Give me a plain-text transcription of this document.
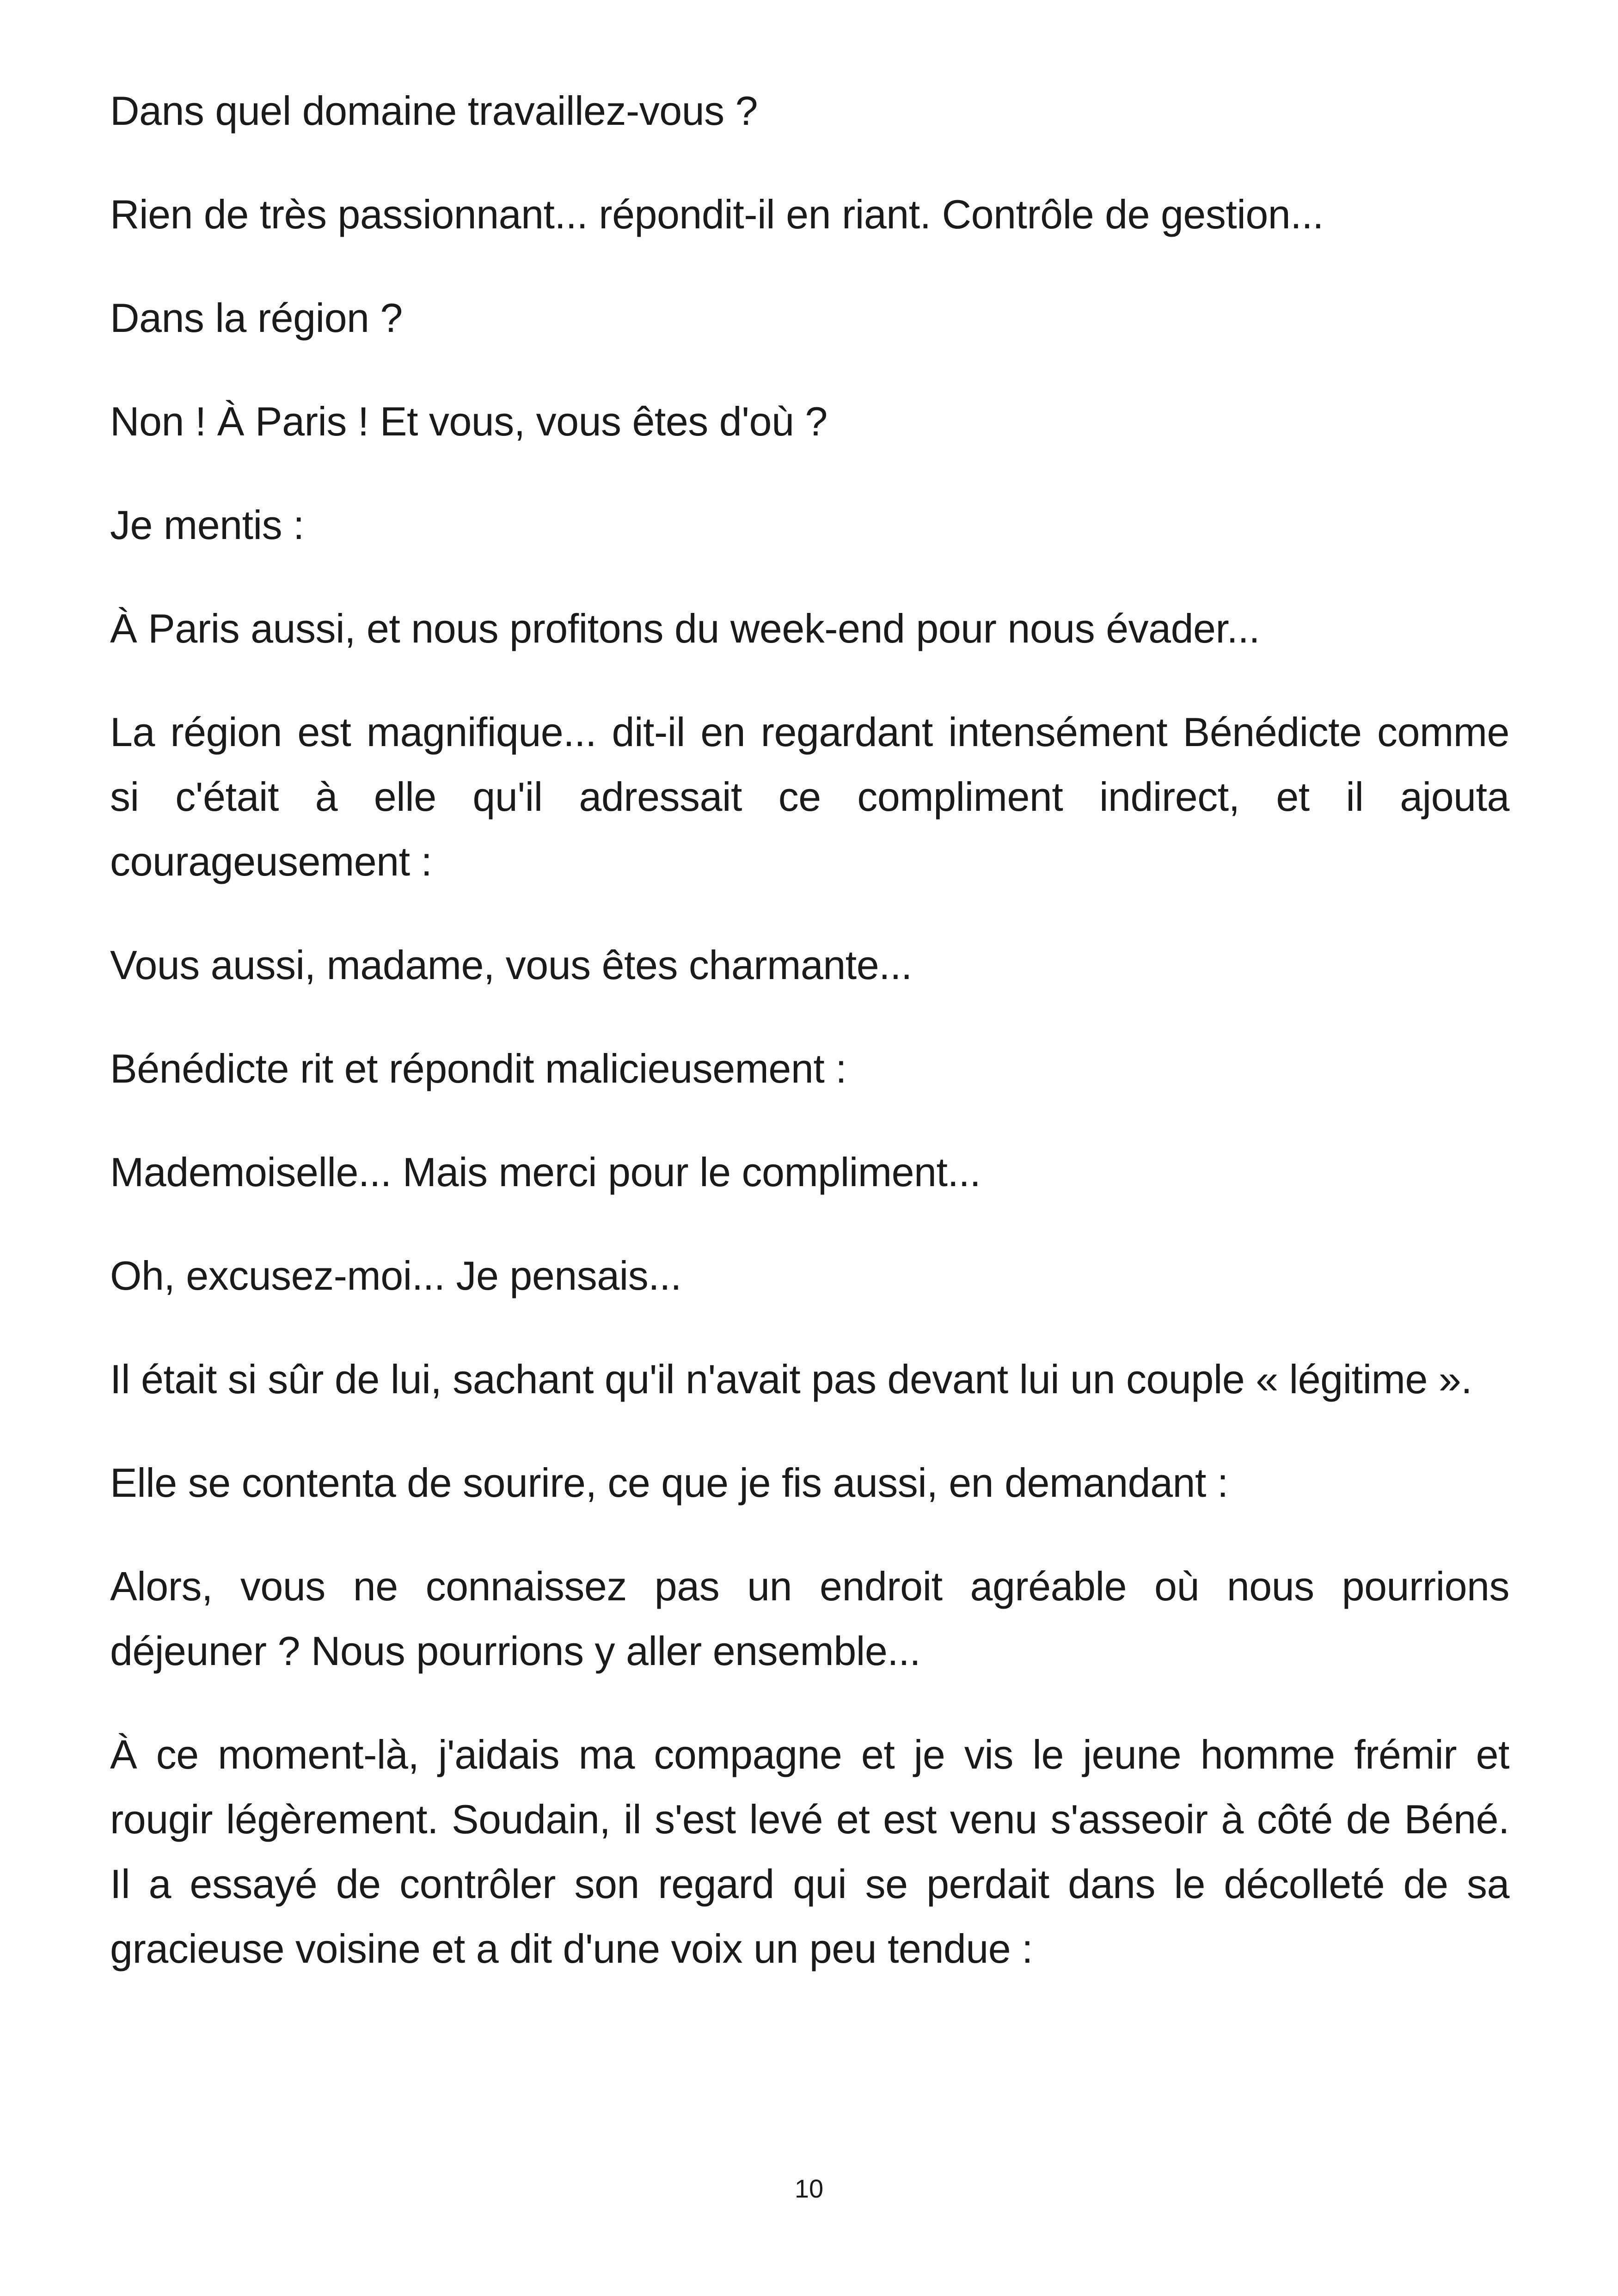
Dans quel domaine travaillez-vous ?

Rien de très passionnant... répondit-il en riant. Contrôle de gestion...

Dans la région ?

Non ! À Paris ! Et vous, vous êtes d'où ?

Je mentis :

À Paris aussi, et nous profitons du week-end pour nous évader...

La région est magnifique... dit-il en regardant intensément Bénédicte comme si c'était à elle qu'il adressait ce compliment indirect, et il ajouta courageusement :

Vous aussi, madame, vous êtes charmante...

Bénédicte rit et répondit malicieusement :

Mademoiselle... Mais merci pour le compliment...

Oh, excusez-moi... Je pensais...

Il était si sûr de lui, sachant qu'il n'avait pas devant lui un couple « légitime ».

Elle se contenta de sourire, ce que je fis aussi, en demandant :

Alors, vous ne connaissez pas un endroit agréable où nous pourrions déjeuner ? Nous pourrions y aller ensemble...

À ce moment-là, j'aidais ma compagne et je vis le jeune homme frémir et rougir légèrement. Soudain, il s'est levé et est venu s'asseoir à côté de Béné. Il a essayé de contrôler son regard qui se perdait dans le décolleté de sa gracieuse voisine et a dit d'une voix un peu tendue :

10
